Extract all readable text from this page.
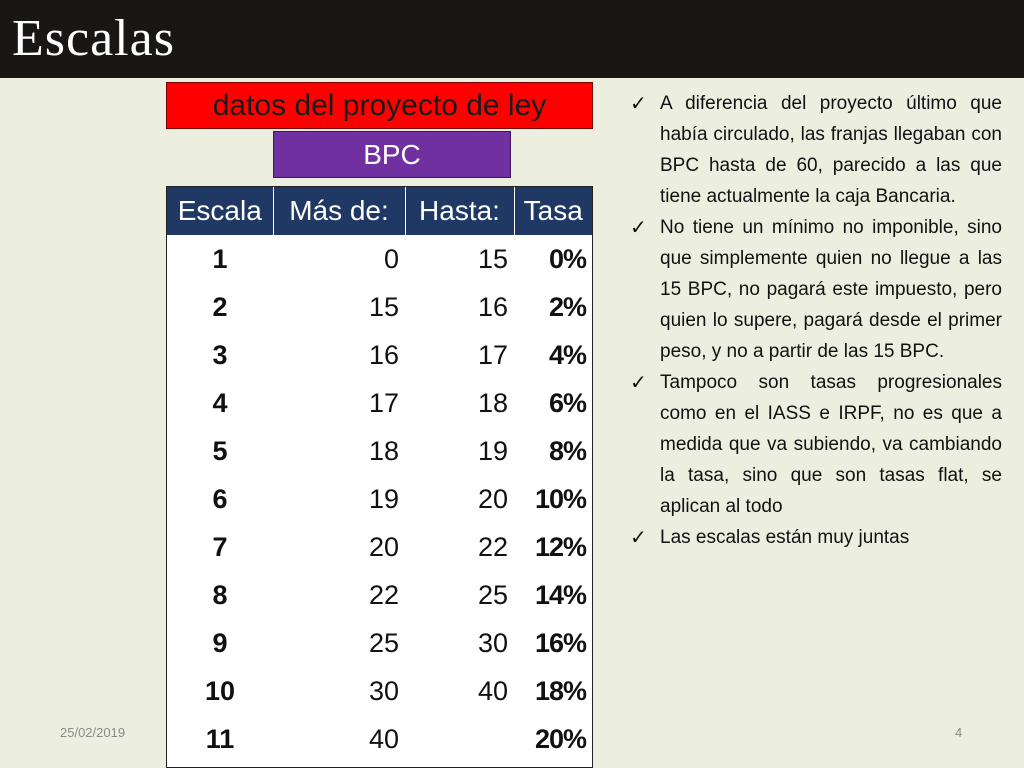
Escalas
datos del proyecto de ley
BPC
Escala	Más de:	Hasta:	Tasa
1	0	15	0%
2	15	16	2%
3	16	17	4%
4	17	18	6%
5	18	19	8%
6	19	20	10%
7	20	22	12%
8	22	25	14%
9	25	30	16%
10	30	40	18%
11	40		20%
✓ A diferencia del proyecto último que había circulado, las franjas llegaban con BPC hasta de 60, parecido a las que tiene actualmente la caja Bancaria.
✓ No tiene un mínimo no imponible, sino que simplemente quien no llegue a las 15 BPC, no pagará este impuesto, pero quien lo supere, pagará desde el primer peso, y no a partir de las 15 BPC.
✓ Tampoco son tasas progresionales como en el IASS e IRPF, no es que a medida que va subiendo, va cambiando la tasa, sino que son tasas flat, se aplican al todo
✓ Las escalas están muy juntas
25/02/2019	4
